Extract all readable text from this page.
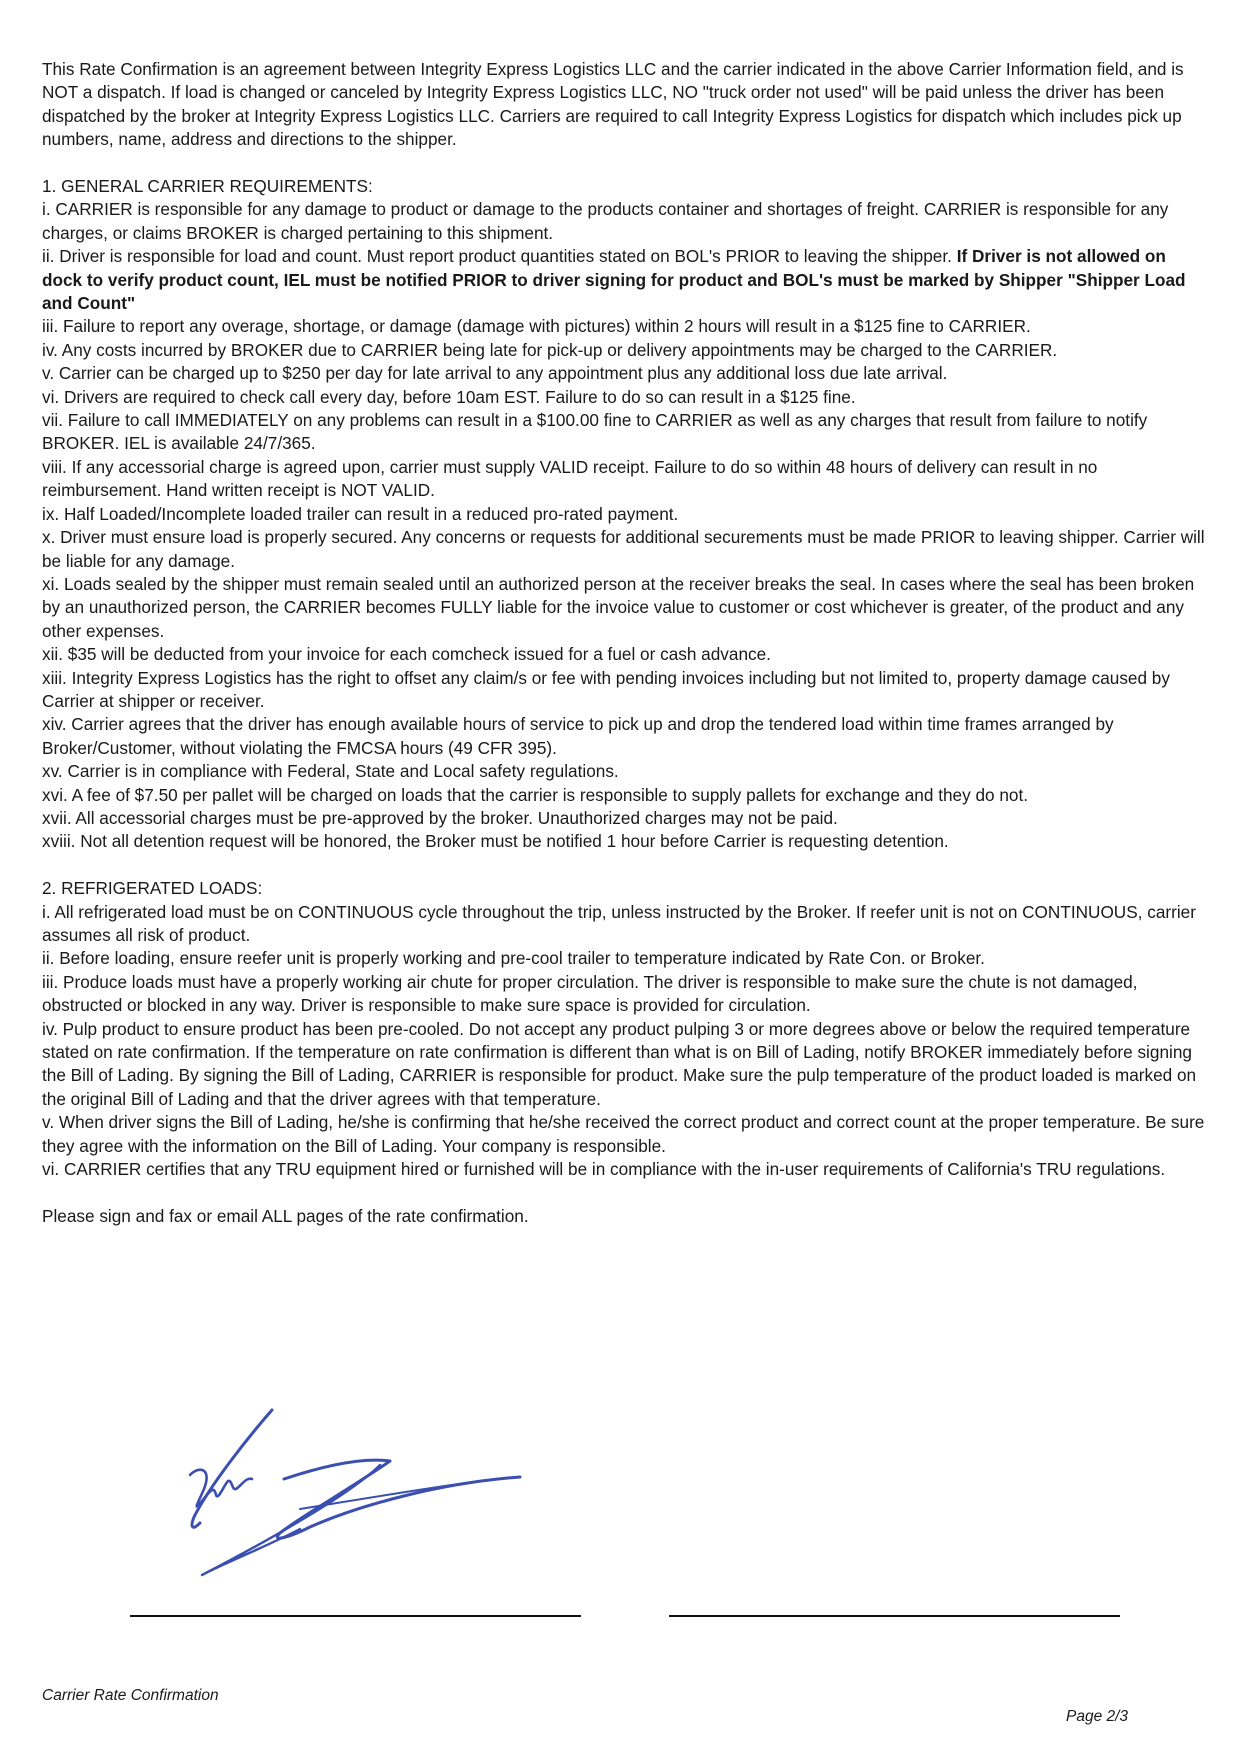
This Rate Confirmation is an agreement between Integrity Express Logistics LLC and the carrier indicated in the above Carrier Information field, and is NOT a dispatch. If load is changed or canceled by Integrity Express Logistics LLC, NO "truck order not used" will be paid unless the driver has been dispatched by the broker at Integrity Express Logistics LLC. Carriers are required to call Integrity Express Logistics for dispatch which includes pick up numbers, name, address and directions to the shipper.

1. GENERAL CARRIER REQUIREMENTS:

i. CARRIER is responsible for any damage to product or damage to the products container and shortages of freight. CARRIER is responsible for any charges, or claims BROKER is charged pertaining to this shipment.

ii. Driver is responsible for load and count. Must report product quantities stated on BOL's PRIOR to leaving the shipper. If Driver is not allowed on dock to verify product count, IEL must be notified PRIOR to driver signing for product and BOL's must be marked by Shipper "Shipper Load and Count"

iii. Failure to report any overage, shortage, or damage (damage with pictures) within 2 hours will result in a $125 fine to CARRIER.

iv. Any costs incurred by BROKER due to CARRIER being late for pick-up or delivery appointments may be charged to the CARRIER.

v. Carrier can be charged up to $250 per day for late arrival to any appointment plus any additional loss due late arrival.

vi. Drivers are required to check call every day, before 10am EST. Failure to do so can result in a $125 fine.

vii. Failure to call IMMEDIATELY on any problems can result in a $100.00 fine to CARRIER as well as any charges that result from failure to notify BROKER. IEL is available 24/7/365.

viii. If any accessorial charge is agreed upon, carrier must supply VALID receipt. Failure to do so within 48 hours of delivery can result in no reimbursement. Hand written receipt is NOT VALID.

ix. Half Loaded/Incomplete loaded trailer can result in a reduced pro-rated payment.

x. Driver must ensure load is properly secured. Any concerns or requests for additional securements must be made PRIOR to leaving shipper. Carrier will be liable for any damage.

xi. Loads sealed by the shipper must remain sealed until an authorized person at the receiver breaks the seal. In cases where the seal has been broken by an unauthorized person, the CARRIER becomes FULLY liable for the invoice value to customer or cost whichever is greater, of the product and any other expenses.

xii. $35 will be deducted from your invoice for each comcheck issued for a fuel or cash advance.

xiii. Integrity Express Logistics has the right to offset any claim/s or fee with pending invoices including but not limited to, property damage caused by Carrier at shipper or receiver.

xiv. Carrier agrees that the driver has enough available hours of service to pick up and drop the tendered load within time frames arranged by Broker/Customer, without violating the FMCSA hours (49 CFR 395).

xv. Carrier is in compliance with Federal, State and Local safety regulations.

xvi. A fee of $7.50 per pallet will be charged on loads that the carrier is responsible to supply pallets for exchange and they do not.

xvii. All accessorial charges must be pre-approved by the broker. Unauthorized charges may not be paid.

xviii. Not all detention request will be honored, the Broker must be notified 1 hour before Carrier is requesting detention.

2. REFRIGERATED LOADS:

i. All refrigerated load must be on CONTINUOUS cycle throughout the trip, unless instructed by the Broker. If reefer unit is not on CONTINUOUS, carrier assumes all risk of product.

ii. Before loading, ensure reefer unit is properly working and pre-cool trailer to temperature indicated by Rate Con. or Broker.

iii. Produce loads must have a properly working air chute for proper circulation. The driver is responsible to make sure the chute is not damaged, obstructed or blocked in any way. Driver is responsible to make sure space is provided for circulation.

iv. Pulp product to ensure product has been pre-cooled. Do not accept any product pulping 3 or more degrees above or below the required temperature stated on rate confirmation. If the temperature on rate confirmation is different than what is on Bill of Lading, notify BROKER immediately before signing the Bill of Lading. By signing the Bill of Lading, CARRIER is responsible for product. Make sure the pulp temperature of the product loaded is marked on the original Bill of Lading and that the driver agrees with that temperature.

v. When driver signs the Bill of Lading, he/she is confirming that he/she received the correct product and correct count at the proper temperature. Be sure they agree with the information on the Bill of Lading. Your company is responsible.

vi. CARRIER certifies that any TRU equipment hired or furnished will be in compliance with the in-user requirements of California's TRU regulations.

Please sign and fax or email ALL pages of the rate confirmation.

Carrier Rate Confirmation
Page 2/3
